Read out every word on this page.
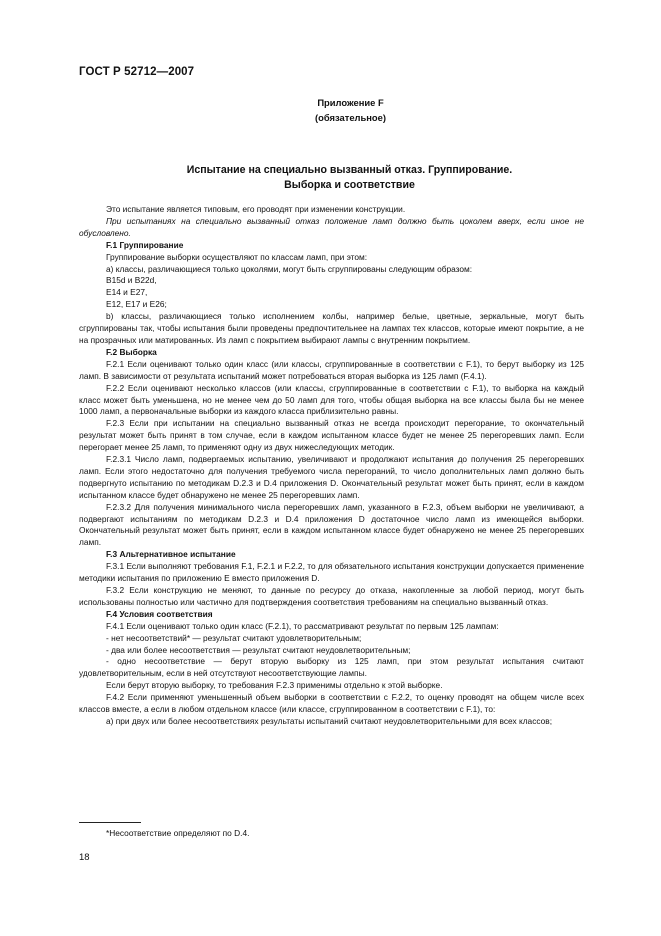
ГОСТ Р 52712—2007
Приложение F
(обязательное)
Испытание на специально вызванный отказ. Группирование.
Выборка и соответствие

Это испытание является типовым, его проводят при изменении конструкции.

При испытаниях на специально вызванный отказ положение ламп должно быть цоколем вверх, если иное не обусловлено.

F.1 Группирование

Группирование выборки осуществляют по классам ламп, при этом:

а) классы, различающиеся только цоколями, могут быть сгруппированы следующим образом:

B15d и B22d,

E14 и E27,

E12, E17 и E26;

b) классы, различающиеся только исполнением колбы, например белые, цветные, зеркальные, могут быть сгруппированы так, чтобы испытания были проведены предпочтительнее на лампах тех классов, которые имеют покрытие, а не на прозрачных или матированных. Из ламп с покрытием выбирают лампы с внутренним покрытием.

F.2 Выборка

F.2.1 Если оценивают только один класс (или классы, сгруппированные в соответствии с F.1), то берут выборку из 125 ламп. В зависимости от результата испытаний может потребоваться вторая выборка из 125 ламп (F.4.1).

F.2.2 Если оценивают несколько классов (или классы, сгруппированные в соответствии с F.1), то выборка на каждый класс может быть уменьшена, но не менее чем до 50 ламп для того, чтобы общая выборка на все классы была бы не менее 1000 ламп, а первоначальные выборки из каждого класса приблизительно равны.

F.2.3 Если при испытании на специально вызванный отказ не всегда происходит перегорание, то окончательный результат может быть принят в том случае, если в каждом испытанном классе будет не менее 25 перегоревших ламп. Если перегорает менее 25 ламп, то применяют одну из двух нижеследующих методик.

F.2.3.1 Число ламп, подвергаемых испытанию, увеличивают и продолжают испытания до получения 25 перегоревших ламп. Если этого недостаточно для получения требуемого числа перегораний, то число дополнительных ламп должно быть подвергнуто испытанию по методикам D.2.3 и D.4 приложения D. Окончательный результат может быть принят, если в каждом испытанном классе будет обнаружено не менее 25 перегоревших ламп.

F.2.3.2 Для получения минимального числа перегоревших ламп, указанного в F.2.3, объем выборки не увеличивают, а подвергают испытаниям по методикам D.2.3 и D.4 приложения D достаточное число ламп из имеющейся выборки. Окончательный результат может быть принят, если в каждом испытанном классе будет обнаружено не менее 25 перегоревших ламп.

F.3 Альтернативное испытание

F.3.1 Если выполняют требования F.1, F.2.1 и F.2.2, то для обязательного испытания конструкции допускается применение методики испытания по приложению E вместо приложения D.

F.3.2 Если конструкцию не меняют, то данные по ресурсу до отказа, накопленные за любой период, могут быть использованы полностью или частично для подтверждения соответствия требованиям на специально вызванный отказ.

F.4 Условия соответствия

F.4.1 Если оценивают только один класс (F.2.1), то рассматривают результат по первым 125 лампам:

- нет несоответствий* — результат считают удовлетворительным;

- два или более несоответствия — результат считают неудовлетворительным;

- одно несоответствие — берут вторую выборку из 125 ламп, при этом результат испытания считают удовлетворительным, если в ней отсутствуют несоответствующие лампы.

Если берут вторую выборку, то требования F.2.3 применимы отдельно к этой выборке.

F.4.2 Если применяют уменьшенный объем выборки в соответствии с F.2.2, то оценку проводят на общем числе всех классов вместе, а если в любом отдельном классе (или классе, сгруппированном в соответствии с F.1), то:

а) при двух или более несоответствиях результаты испытаний считают неудовлетворительными для всех классов;

*Несоответствие определяют по D.4.
18
